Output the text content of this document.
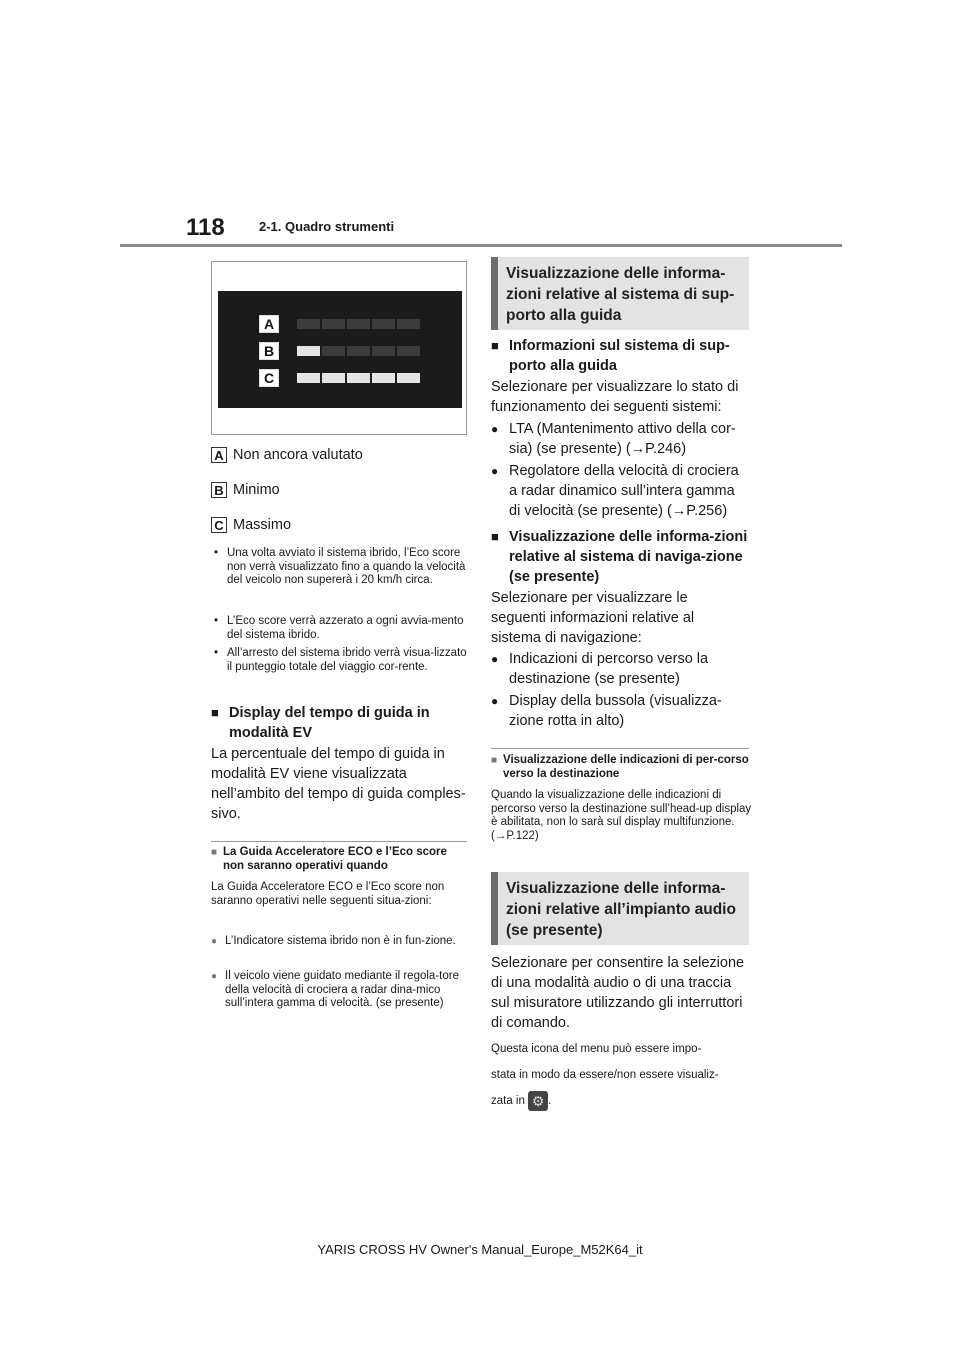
118	2-1. Quadro strumenti
A
B
C
A Non ancora valutato
B Minimo
C Massimo
• Una volta avviato il sistema ibrido, l’Eco score non verrà visualizzato fino a quando la velocità del veicolo non supererà i 20 km/h circa.
• L’Eco score verrà azzerato a ogni avvia-mento del sistema ibrido.
• All’arresto del sistema ibrido verrà visua-lizzato il punteggio totale del viaggio cor-rente.
■ Display del tempo di guida in modalità EV
La percentuale del tempo di guida in modalità EV viene visualizzata nell’ambito del tempo di guida comples-sivo.
■ La Guida Acceleratore ECO e l’Eco score non saranno operativi quando
La Guida Acceleratore ECO e l’Eco score non saranno operativi nelle seguenti situa-zioni:
● L’Indicatore sistema ibrido non è in fun-zione.
● Il veicolo viene guidato mediante il regola-tore della velocità di crociera a radar dina-mico sull’intera gamma di velocità. (se presente)
Visualizzazione delle informa-zioni relative al sistema di sup-porto alla guida
■ Informazioni sul sistema di sup-porto alla guida
Selezionare per visualizzare lo stato di funzionamento dei seguenti sistemi:
● LTA (Mantenimento attivo della cor-sia) (se presente) (→P.246)
● Regolatore della velocità di crociera a radar dinamico sull’intera gamma di velocità (se presente) (→P.256)
■ Visualizzazione delle informa-zioni relative al sistema di naviga-zione (se presente)
Selezionare per visualizzare le seguenti informazioni relative al sistema di navigazione:
● Indicazioni di percorso verso la destinazione (se presente)
● Display della bussola (visualizza-zione rotta in alto)
■ Visualizzazione delle indicazioni di per-corso verso la destinazione
Quando la visualizzazione delle indicazioni di percorso verso la destinazione sull’head-up display è abilitata, non lo sarà sul display multifunzione. (→P.122)
Visualizzazione delle informa-zioni relative all’impianto audio (se presente)
Selezionare per consentire la selezione di una modalità audio o di una traccia sul misuratore utilizzando gli interruttori di comando.
Questa icona del menu può essere impo-
stata in modo da essere/non essere visualiz-
zata in ⚙ .
YARIS CROSS HV Owner's Manual_Europe_M52K64_it
